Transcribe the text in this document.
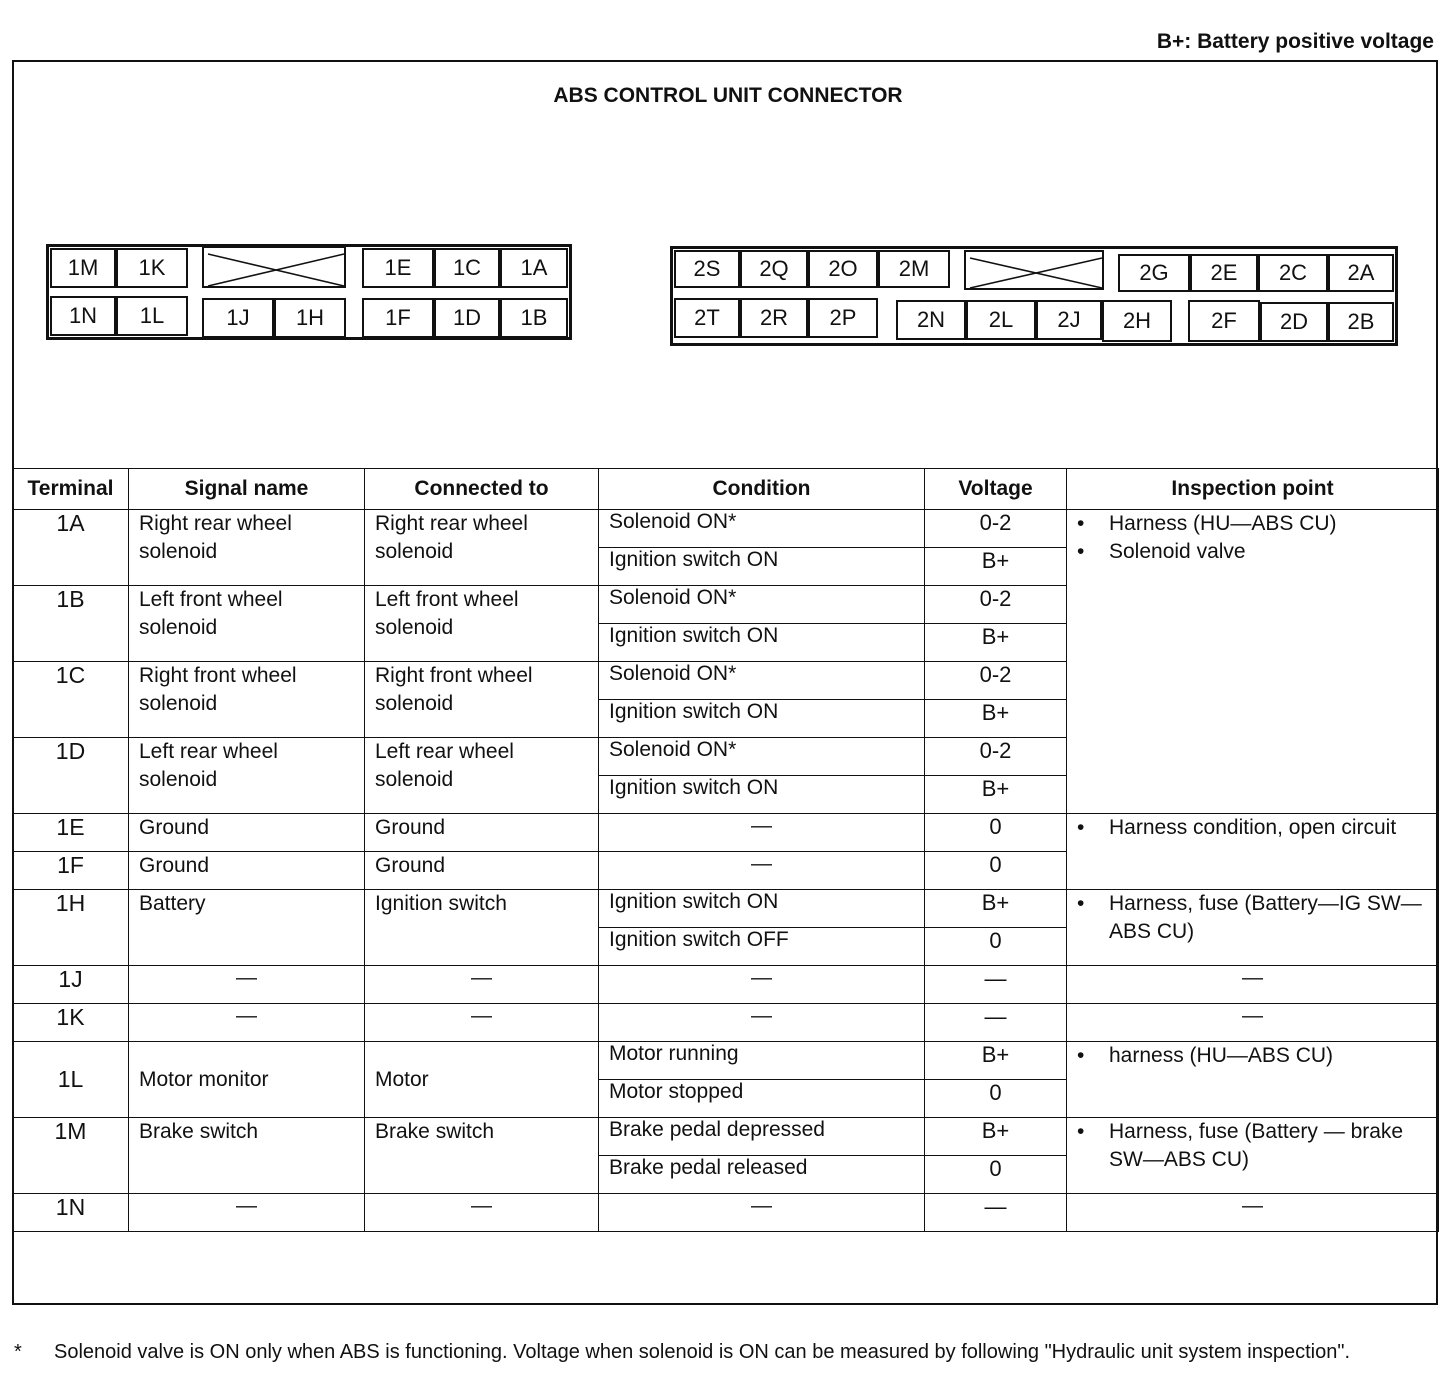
B+: Battery positive voltage
ABS CONTROL UNIT CONNECTOR
1M	1K	1E	1C	1A
1N	1L	1J	1H	1F	1D	1B
2S	2Q	2O	2M	2G	2E	2C	2A
2T	2R	2P	2N	2L	2J	2H	2F	2D	2B
Terminal	Signal name	Connected to	Condition	Voltage	Inspection point
1A	Right rear wheel solenoid	Right rear wheel solenoid	Solenoid ON*	0-2	• Harness (HU—ABS CU)
• Solenoid valve

			Ignition switch ON	B+	
1B	Left front wheel solenoid	Left front wheel solenoid	Solenoid ON*	0-2	
			Ignition switch ON	B+	
1C	Right front wheel solenoid	Right front wheel solenoid	Solenoid ON*	0-2	
			Ignition switch ON	B+	
1D	Left rear wheel solenoid	Left rear wheel solenoid	Solenoid ON*	0-2	
			Ignition switch ON	B+	
1E	Ground	Ground	—	0	• Harness condition, open circuit

1F	Ground	Ground	—	0	
1H	Battery	Ignition switch	Ignition switch ON	B+	• Harness, fuse (Battery—IG SW—ABS CU)

			Ignition switch OFF	0	
1J	—	—	—	—	—
1K	—	—	—	—	—
1L	Motor monitor	Motor	Motor running	B+	• harness (HU—ABS CU)

			Motor stopped	0	
1M	Brake switch	Brake switch	Brake pedal depressed	B+	• Harness, fuse (Battery — brake SW—ABS CU)

			Brake pedal released	0	
1N	—	—	—	—	—
* Solenoid valve is ON only when ABS is functioning. Voltage when solenoid is ON can be measured by following "Hydraulic unit system inspection".
